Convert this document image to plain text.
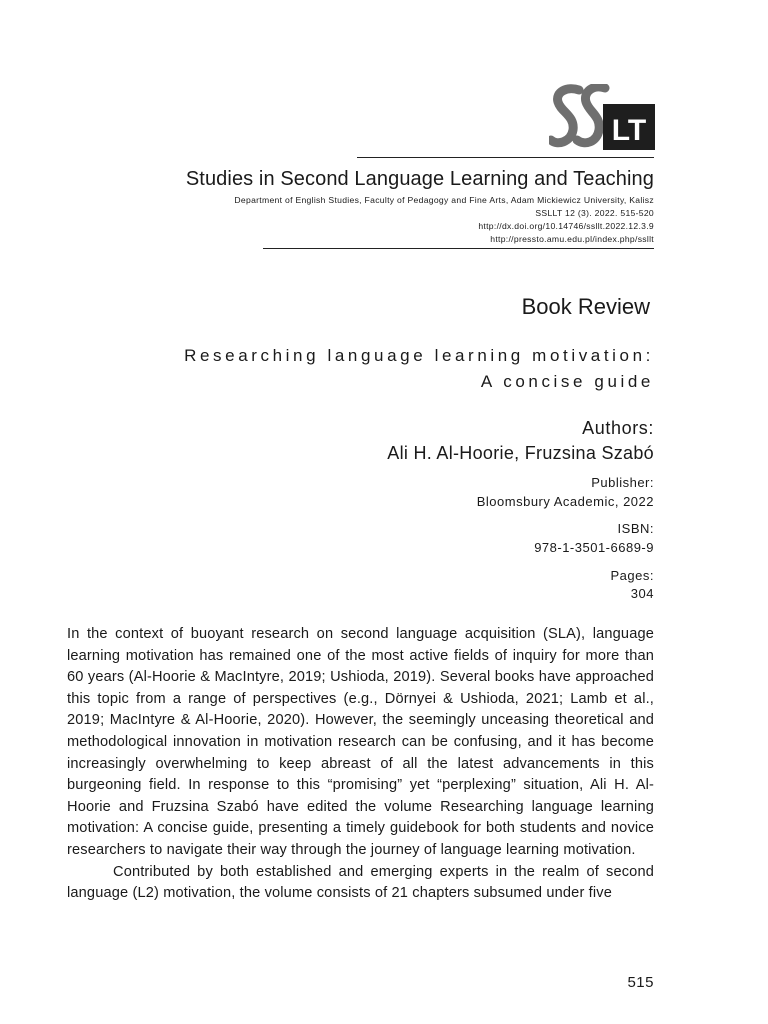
LT
Studies in Second Language Learning and Teaching
Department of English Studies, Faculty of Pedagogy and Fine Arts, Adam Mickiewicz University, Kalisz
SSLLT 12 (3). 2022. 515-520
http://dx.doi.org/10.14746/ssllt.2022.12.3.9
http://pressto.amu.edu.pl/index.php/ssllt
Book Review
Researching language learning motivation:
A concise guide
Authors:
Ali H. Al-Hoorie, Fruzsina Szabó
Publisher:
Bloomsbury Academic, 2022
ISBN:
978-1-3501-6689-9
Pages:
304

In the context of buoyant research on second language acquisition (SLA), language learning motivation has remained one of the most active fields of inquiry for more than 60 years (Al-Hoorie & MacIntyre, 2019; Ushioda, 2019). Several books have approached this topic from a range of perspectives (e.g., Dörnyei & Ushioda, 2021; Lamb et al., 2019; MacIntyre & Al-Hoorie, 2020). However, the seemingly unceasing theoretical and methodological innovation in motivation research can be confusing, and it has become increasingly overwhelming to keep abreast of all the latest advancements in this burgeoning field. In response to this “promising” yet “perplexing” situation, Ali H. Al-Hoorie and Fruzsina Szabó have edited the volume Researching language learning motivation: A concise guide, presenting a timely guidebook for both students and novice researchers to navigate their way through the journey of language learning motivation.

Contributed by both established and emerging experts in the realm of second language (L2) motivation, the volume consists of 21 chapters subsumed under five

515
